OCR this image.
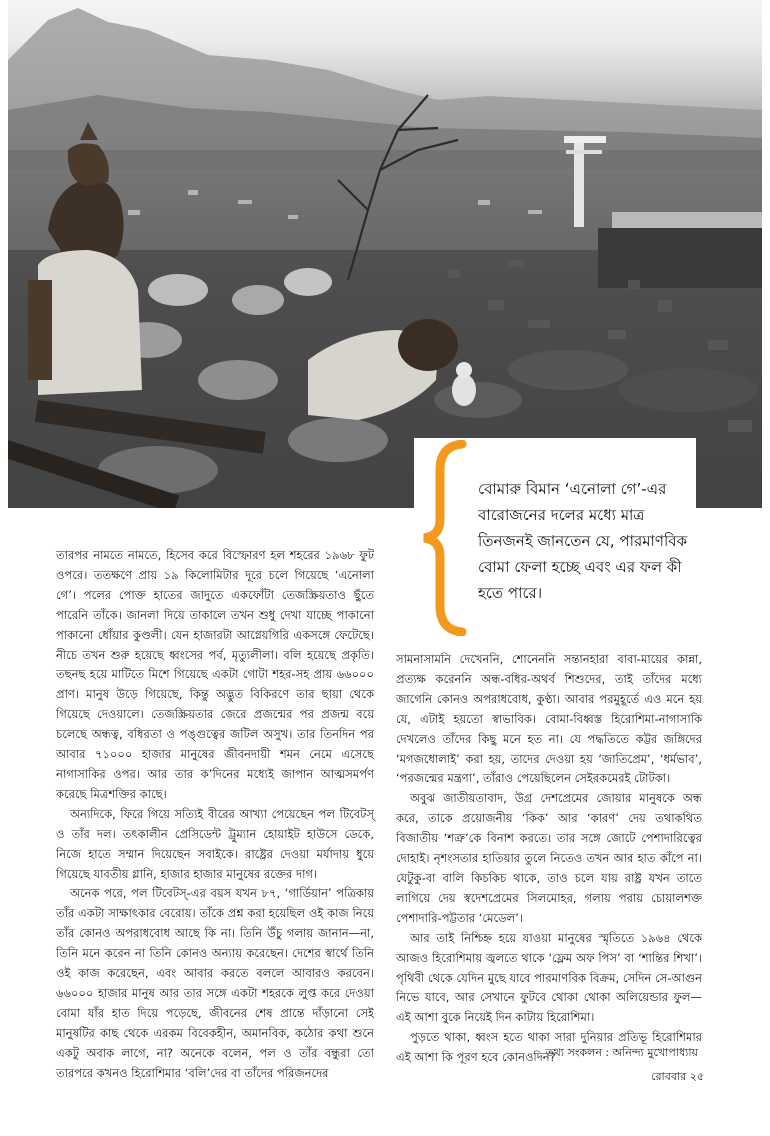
বোমারু বিমান ‘এনোলা গে’-এর বারোজনের দলের মধ্যে মাত্র তিনজনই জানতেন যে, পারমাণবিক বোমা ফেলা হচ্ছে এবং এর ফল কী হতে পারে।

তারপর নামতে নামতে, হিসেব করে বিস্ফোরণ হল শহরের ১৯৬৮ ফুট ওপরে। ততক্ষণে প্রায় ১৯ কিলোমিটার দূরে চলে গিয়েছে ‘এনোলা গে’। পলের পোক্ত হাতের জাদুতে একফোঁটা তেজস্ক্রিয়তাও ছুঁতে পারেনি তাঁকে। জানলা দিয়ে তাকালে তখন শুধু দেখা যাচ্ছে পাকানো পাকানো ধোঁয়ার কুণ্ডলী। যেন হাজারটা আগ্নেয়গিরি একসঙ্গে ফেটেছে। নীচে তখন শুরু হয়েছে ধ্বংসের পর্ব, মৃত্যুলীলা। বলি হয়েছে প্রকৃতি। তছনছ হয়ে মাটিতে মিশে গিয়েছে একটা গোটা শহর-সহ প্রায় ৬৬০০০ প্রাণ। মানুষ উড়ে গিয়েছে, কিন্তু অদ্ভুত বিকিরণে তার ছায়া থেকে গিয়েছে দেওয়ালে। তেজস্ক্রিয়তার জেরে প্রজন্মের পর প্রজন্ম বয়ে চলেছে অন্ধত্ব, বধিরতা ও পঙ্গুত্বের জটিল অসুখ। তার তিনদিন পর আবার ৭১০০০ হাজার মানুষের জীবনদায়ী শমন নেমে এসেছে নাগাসাকির ওপর। আর তার ক’দিনের মধ্যেই জাপান আত্মসমর্পণ করেছে মিত্রশক্তির কাছে।

অন্যদিকে, ফিরে গিয়ে সত্যিই বীরের আখ্যা পেয়েছেন পল টিবেটস্‌ ও তাঁর দল। তৎকালীন প্রেসিডেন্ট ট্রুম্যান হোয়াইট হাউসে ডেকে, নিজে হাতে সম্মান দিয়েছেন সবাইকে। রাষ্ট্রের দেওয়া মর্যাদায় ধুয়ে গিয়েছে যাবতীয় গ্লানি, হাজার হাজার মানুষের রক্তের দাগ।

অনেক পরে, পল টিবেটস্‌-এর বয়স যখন ৮৭, ‘গার্ডিয়ান’ পত্রিকায় তাঁর একটা সাক্ষাৎকার বেরোয়। তাঁকে প্রশ্ন করা হয়েছিল ওই কাজ নিয়ে তাঁর কোনও অপরাধবোধ আছে কি না। তিনি উঁচু গলায় জানান—না, তিনি মনে করেন না তিনি কোনও অন্যায় করেছেন। দেশের স্বার্থে তিনি ওই কাজ করেছেন, এবং আবার করতে বললে আবারও করবেন। ৬৬০০০ হাজার মানুষ আর তার সঙ্গে একটা শহরকে লুপ্ত করে দেওয়া বোমা যাঁর হাত দিয়ে পড়েছে, জীবনের শেষ প্রান্তে দাঁড়ানো সেই মানুষটির কাছ থেকে এরকম বিবেকহীন, অমানবিক, কঠোর কথা শুনে একটু অবাক লাগে, না? অনেকে বলেন, পল ও তাঁর বন্ধুরা তো তারপরে কখনও হিরোশিমার ‘বলি’দের বা তাঁদের পরিজনদের

সামনাসামনি দেখেননি, শোনেননি সন্তানহারা বাবা-মায়ের কান্না, প্রত্যক্ষ করেননি অন্ধ-বধির-অথর্ব শিশুদের, তাই তাঁদের মধ্যে জাগেনি কোনও অপরাধবোধ, কুণ্ঠা। আবার পরমুহূর্তে এও মনে হয় যে, এটাই হয়তো স্বাভাবিক। বোমা-বিধ্বস্ত হিরোশিমা-নাগাসাকি দেখলেও তাঁদের কিছু মনে হত না। যে পদ্ধতিতে কট্টর জঙ্গিদের ‘মগজধোলাই’ করা হয়, তাদের দেওয়া হয় ‘জাতিপ্রেম’, ‘ধর্মভাব’, ‘পরজন্মের মন্ত্রণা’, তাঁরাও পেয়েছিলেন সেইরকমেরই টোটকা।

অবুঝ জাতীয়তাবাদ, উগ্র দেশপ্রেমের জোয়ার মানুষকে অন্ধ করে, তাকে প্রয়োজনীয় ‘কিক’ আর ‘কারণ’ দেয় তথাকথিত বিজাতীয় ‘শত্রু’কে বিনাশ করতে। তার সঙ্গে জোটে পেশাদারিত্বের দোহাই। নৃশংসতার হাতিয়ার তুলে নিতেও তখন আর হাত কাঁপে না। যেটুকু-বা বালি কিচকিচ থাকে, তাও চলে যায় রাষ্ট্র যখন তাতে লাগিয়ে দেয় স্বদেশপ্রেমের সিলমোহর, গলায় পরায় চোয়ালশক্ত পেশাদারি-পট্টতার ‘মেডেল’।

আর তাই নিশ্চিহ্ন হয়ে যাওয়া মানুষের স্মৃতিতে ১৯৬৪ থেকে আজও হিরোশিমায় জ্বলতে থাকে ‘ফ্লেম অফ পিস’ বা ‘শান্তির শিখা’। পৃথিবী থেকে যেদিন মুছে যাবে পারমাণবিক বিক্রম, সেদিন সে-আগুন নিভে যাবে, আর সেখানে ফুটবে থোকা থোকা অলিয়েন্ডার ফুল—এই আশা বুকে নিয়েই দিন কাটায় হিরোশিমা।

পুড়তে থাকা, ধ্বংস হতে থাকা সারা দুনিয়ার প্রতিভূ হিরোশিমার এই আশা কি পূরণ হবে কোনওদিন?

তথ্য সংকলন : অনিন্দ্য মুখোপাধ্যায়
রোববার ২৫
